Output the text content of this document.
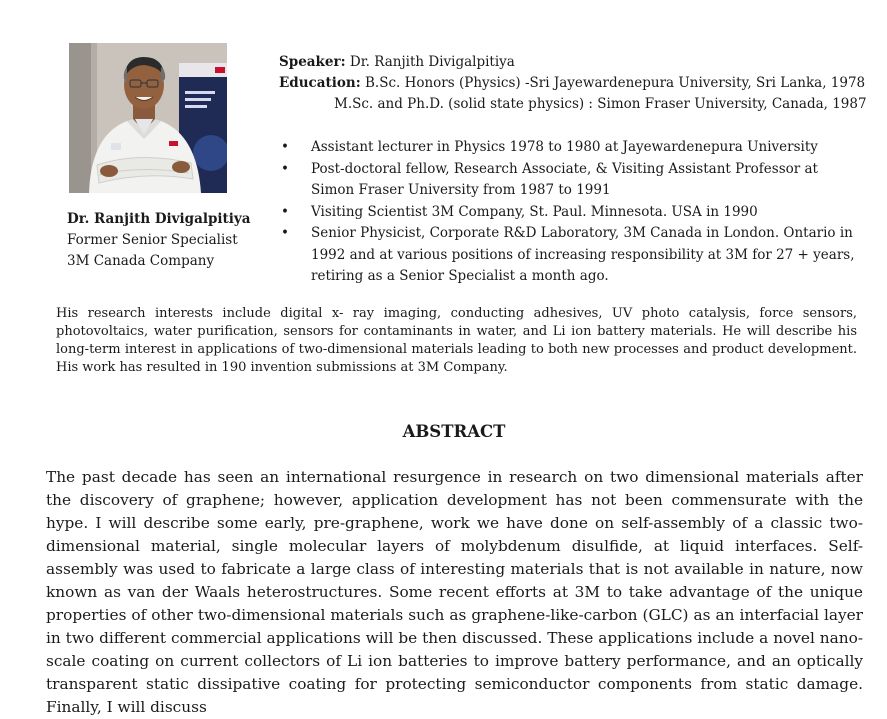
Dr. Ranjith Divigalpitiya
Former Senior Specialist
3M Canada Company
Speaker: Dr. Ranjith Divigalpitiya
Education: B.Sc. Honors (Physics) -Sri Jayewardenepura University, Sri Lanka, 1978
M.Sc. and Ph.D. (solid state physics) : Simon Fraser University, Canada, 1987
• Assistant lecturer in Physics 1978 to 1980 at Jayewardenepura University
• Post-doctoral fellow, Research Associate, & Visiting Assistant Professor at Simon Fraser University from 1987 to 1991
• Visiting Scientist 3M Company, St. Paul. Minnesota. USA in 1990
• Senior Physicist, Corporate R&D Laboratory, 3M Canada in London. Ontario in 1992 and at various positions of increasing responsibility at 3M for 27 + years, retiring as a Senior Specialist a month ago.
His research interests include digital x- ray imaging, conducting adhesives, UV photo catalysis, force sensors, photovoltaics, water purification, sensors for contaminants in water, and Li ion battery materials. He will describe his long-term interest in applications of two-dimensional materials leading to both new processes and product development. His work has resulted in 190 invention submissions at 3M Company.
ABSTRACT
The past decade has seen an international resurgence in research on two dimensional materials after the discovery of graphene; however, application development has not been commensurate with the hype. I will describe some early, pre-graphene, work we have done on self-assembly of a classic two-dimensional material, single molecular layers of molybdenum disulfide, at liquid interfaces. Self-assembly was used to fabricate a large class of interesting materials that is not available in nature, now known as van der Waals heterostructures. Some recent efforts at 3M to take advantage of the unique properties of other two-dimensional materials such as graphene-like-carbon (GLC) as an interfacial layer in two different commercial applications will be then discussed. These applications include a novel nano-scale coating on current collectors of Li ion batteries to improve battery performance, and an optically transparent static dissipative coating for protecting semiconductor components from static damage. Finally, I will discuss
